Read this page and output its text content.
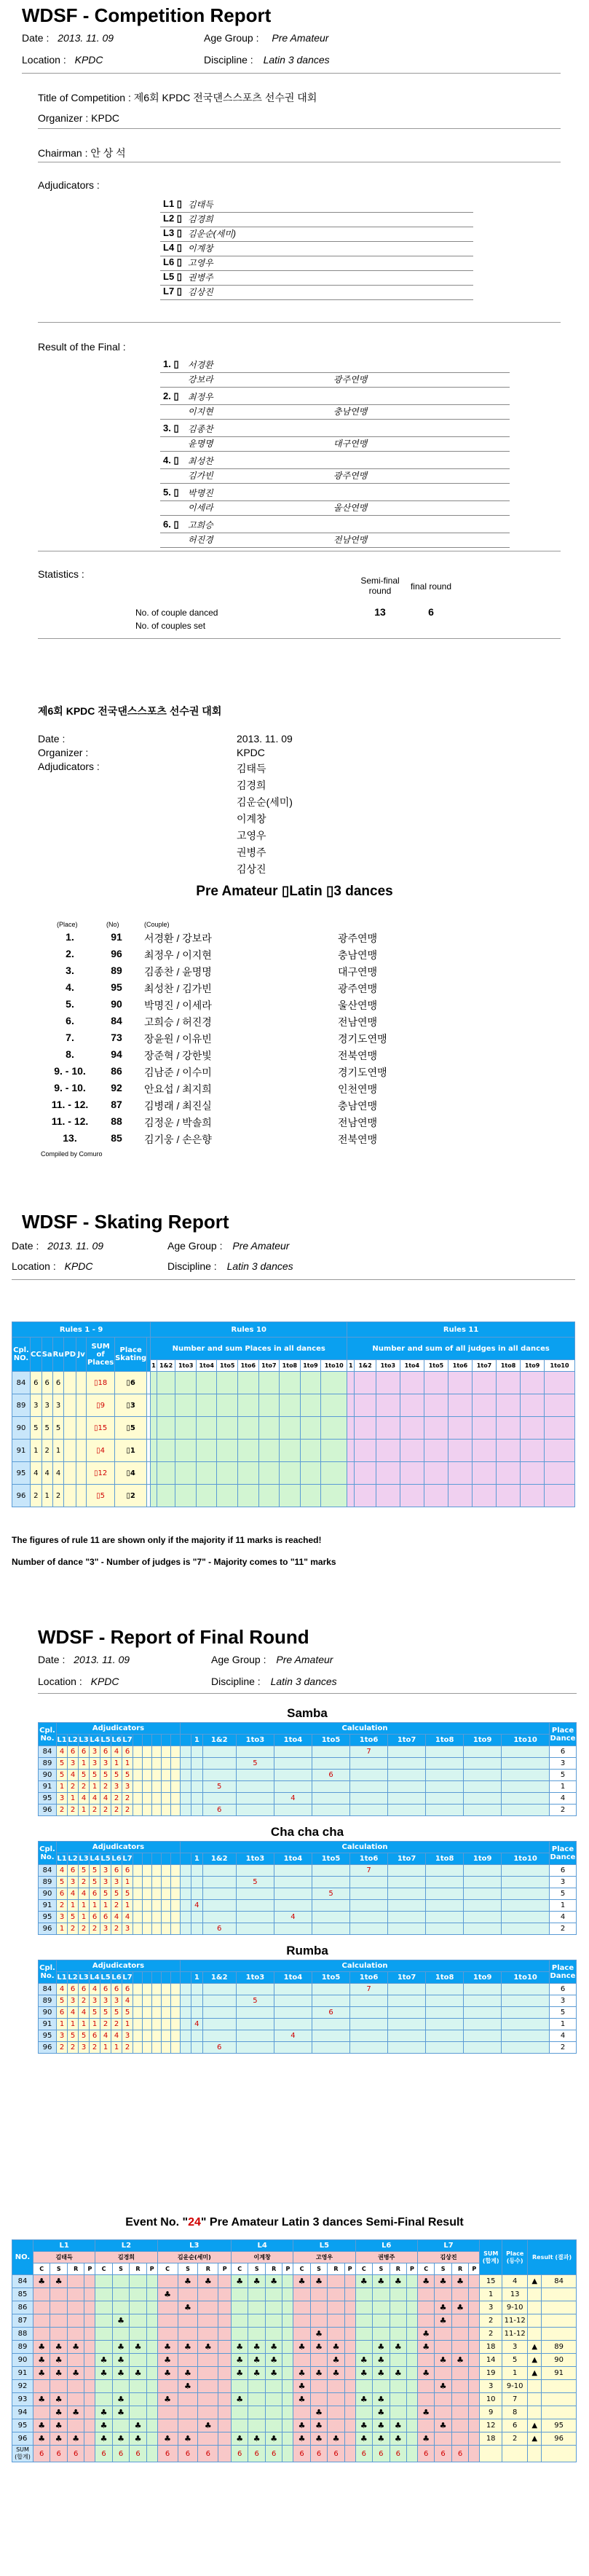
WDSF - Competition Report
Date : 2013. 11. 09	Age Group : Pre Amateur
Location : KPDC	Discipline : Latin 3 dances
Title of Competition : 제6회 KPDC 전국댄스스포츠 선수권 대회
Organizer : KPDC
Chairman : 안 상 석
Adjudicators :
L1 ▯ 김태득
L2 ▯ 김경희
L3 ▯ 김운순(세미)
L4 ▯ 이계창
L6 ▯ 고영우
L5 ▯ 권병주
L7 ▯ 김상진
Result of the Final :
1. ▯	서경환
강보라	광주연맹
2. ▯	최정우
이지현	충남연맹
3. ▯	김종찬
윤명명	대구연맹
4. ▯	최성찬
김가빈	광주연맹
5. ▯	박명진
이세라	울산연맹
6. ▯	고희승
허진경	전남연맹
Statistics :
Semi-final round	final round
No. of couple danced
No. of couples set
13	6
제6회 KPDC 전국댄스스포츠 선수권 대회
Date :	2013. 11. 09
Organizer :	KPDC
Adjudicators :	김태득
김경희
김운순(세미)
이계창
고영우
권병주
김상진
Pre Amateur ▯Latin ▯3 dances
(Place)	(No)	(Couple)
1.	91	서경환 / 강보라	광주연맹
2.	96	최정우 / 이지현	충남연맹
3.	89	김종찬 / 윤명명	대구연맹
4.	95	최성찬 / 김가빈	광주연맹
5.	90	박명진 / 이세라	울산연맹
6.	84	고희승 / 허진경	전남연맹
7.	73	장윤원 / 이유빈	경기도연맹
8.	94	장준혁 / 강한빛	전북연맹
9. - 10.	86	김남준 / 이수미	경기도연맹
9. - 10.	92	안요섭 / 최지희	인천연맹
11. - 12.	87	김병래 / 최진실	충남연맹
11. - 12.	88	김정운 / 박솔희	전남연맹
13.	85	김기웅 / 손은향	전북연맹
Compiled by Comuro
WDSF - Skating Report
Date : 2013. 11. 09	Age Group : Pre Amateur
Location : KPDC	Discipline : Latin 3 dances
Rules 1 - 9									Rules 10										Rules 11									
Cpl. NO.	CC	Sa	Ru	PD	Jv	SUM of Places	Place Skating		Number and sum Places in all dances										Number and sum of all judges in all dances									
									1	1&2	1to3	1to4	1to5	1to6	1to7	1to8	1to9	1to10	1	1&2	1to3	1to4	1to5	1to6	1to7	1to8	1to9	1to10
84	6	6	6			▯18	▯6																					
89	3	3	3			▯9	▯3																					
90	5	5	5			▯15	▯5																					
91	1	2	1			▯4	▯1																					
95	4	4	4			▯12	▯4																					
96	2	1	2			▯5	▯2																					
The figures of rule 11 are shown only if the majority if 11 marks is reached!
Number of dance "3" - Number of judges is "7" - Majority comes to "11" marks
WDSF - Report of Final Round
Date : 2013. 11. 09	Age Group : Pre Amateur
Location : KPDC	Discipline : Latin 3 dances
Samba
Cpl. No.	Adjudicators												Calculation											Place Dance
	L1	L2	L3	L4	L5	L6	L7							1	1&2	1to3	1to4	1to5	1to6	1to7	1to8	1to9	1to10	
84	4	6	6	3	6	4	6												7					6
89	5	3	1	3	3	1	1									5								3
90	5	4	5	5	5	5	5											6						5
91	1	2	2	1	2	3	3								5									1
95	3	1	4	4	4	2	2										4							4
96	2	2	1	2	2	2	2								6									2
Cha cha cha
Cpl. No.	Adjudicators												Calculation											Place Dance
	L1	L2	L3	L4	L5	L6	L7							1	1&2	1to3	1to4	1to5	1to6	1to7	1to8	1to9	1to10	
84	4	6	5	5	3	6	6												7					6
89	5	3	2	5	3	3	1									5								3
90	6	4	4	6	5	5	5											5						5
91	2	1	1	1	1	2	1							4										1
95	3	5	1	6	6	4	4										4							4
96	1	2	2	2	3	2	3								6									2
Rumba
Cpl. No.	Adjudicators												Calculation											Place Dance
	L1	L2	L3	L4	L5	L6	L7							1	1&2	1to3	1to4	1to5	1to6	1to7	1to8	1to9	1to10	
84	4	6	6	4	6	6	6												7					6
89	5	3	2	3	3	3	4									5								3
90	6	4	4	5	5	5	5											6						5
91	1	1	1	1	2	2	1							4										1
95	3	5	5	6	4	4	3										4							4
96	2	2	3	2	1	1	2								6									2
Event No. "24" Pre Amateur Latin 3 dances Semi-Final Result
NO.	L1				L2				L3				L4				L5				L6				L7				SUM (합계)	Place (등수)	Result (결과)	
	김태득				김경희				김운순(세미)				이계창				고영우				권병주				김상진							
	C	S	R	P	C	S	R	P	C	S	R	P	C	S	R	P	C	S	R	P	C	S	R	P	C	S	R	P				
84	♣	♣								♣	♣		♣	♣	♣		♣	♣			♣	♣	♣		♣	♣	♣		15	4	▲	84
85									♣																				1	13		
86										♣																♣	♣		3	9-10		
87						♣																				♣			2	11-12		
88																		♣							♣				2	11-12		
89	♣	♣	♣			♣	♣		♣	♣	♣		♣	♣	♣		♣	♣	♣			♣	♣		♣				18	3	▲	89
90	♣	♣			♣	♣			♣				♣	♣	♣				♣		♣	♣				♣	♣		14	5	▲	90
91	♣	♣	♣		♣	♣	♣		♣	♣			♣	♣	♣		♣	♣	♣		♣	♣	♣		♣				19	1	▲	91
92										♣							♣									♣			3	9-10		
93	♣	♣				♣			♣				♣				♣				♣	♣							10	7		
94		♣	♣		♣	♣												♣				♣			♣				9	8		
95	♣	♣			♣		♣				♣						♣	♣			♣	♣	♣			♣			12	6	▲	95
96	♣	♣	♣		♣	♣	♣		♣	♣			♣	♣	♣		♣	♣	♣		♣	♣	♣		♣				18	2	▲	96
SUM (합계)	6	6	6		6	6	6		6	6	6		6	6	6		6	6	6		6	6	6		6	6	6					
